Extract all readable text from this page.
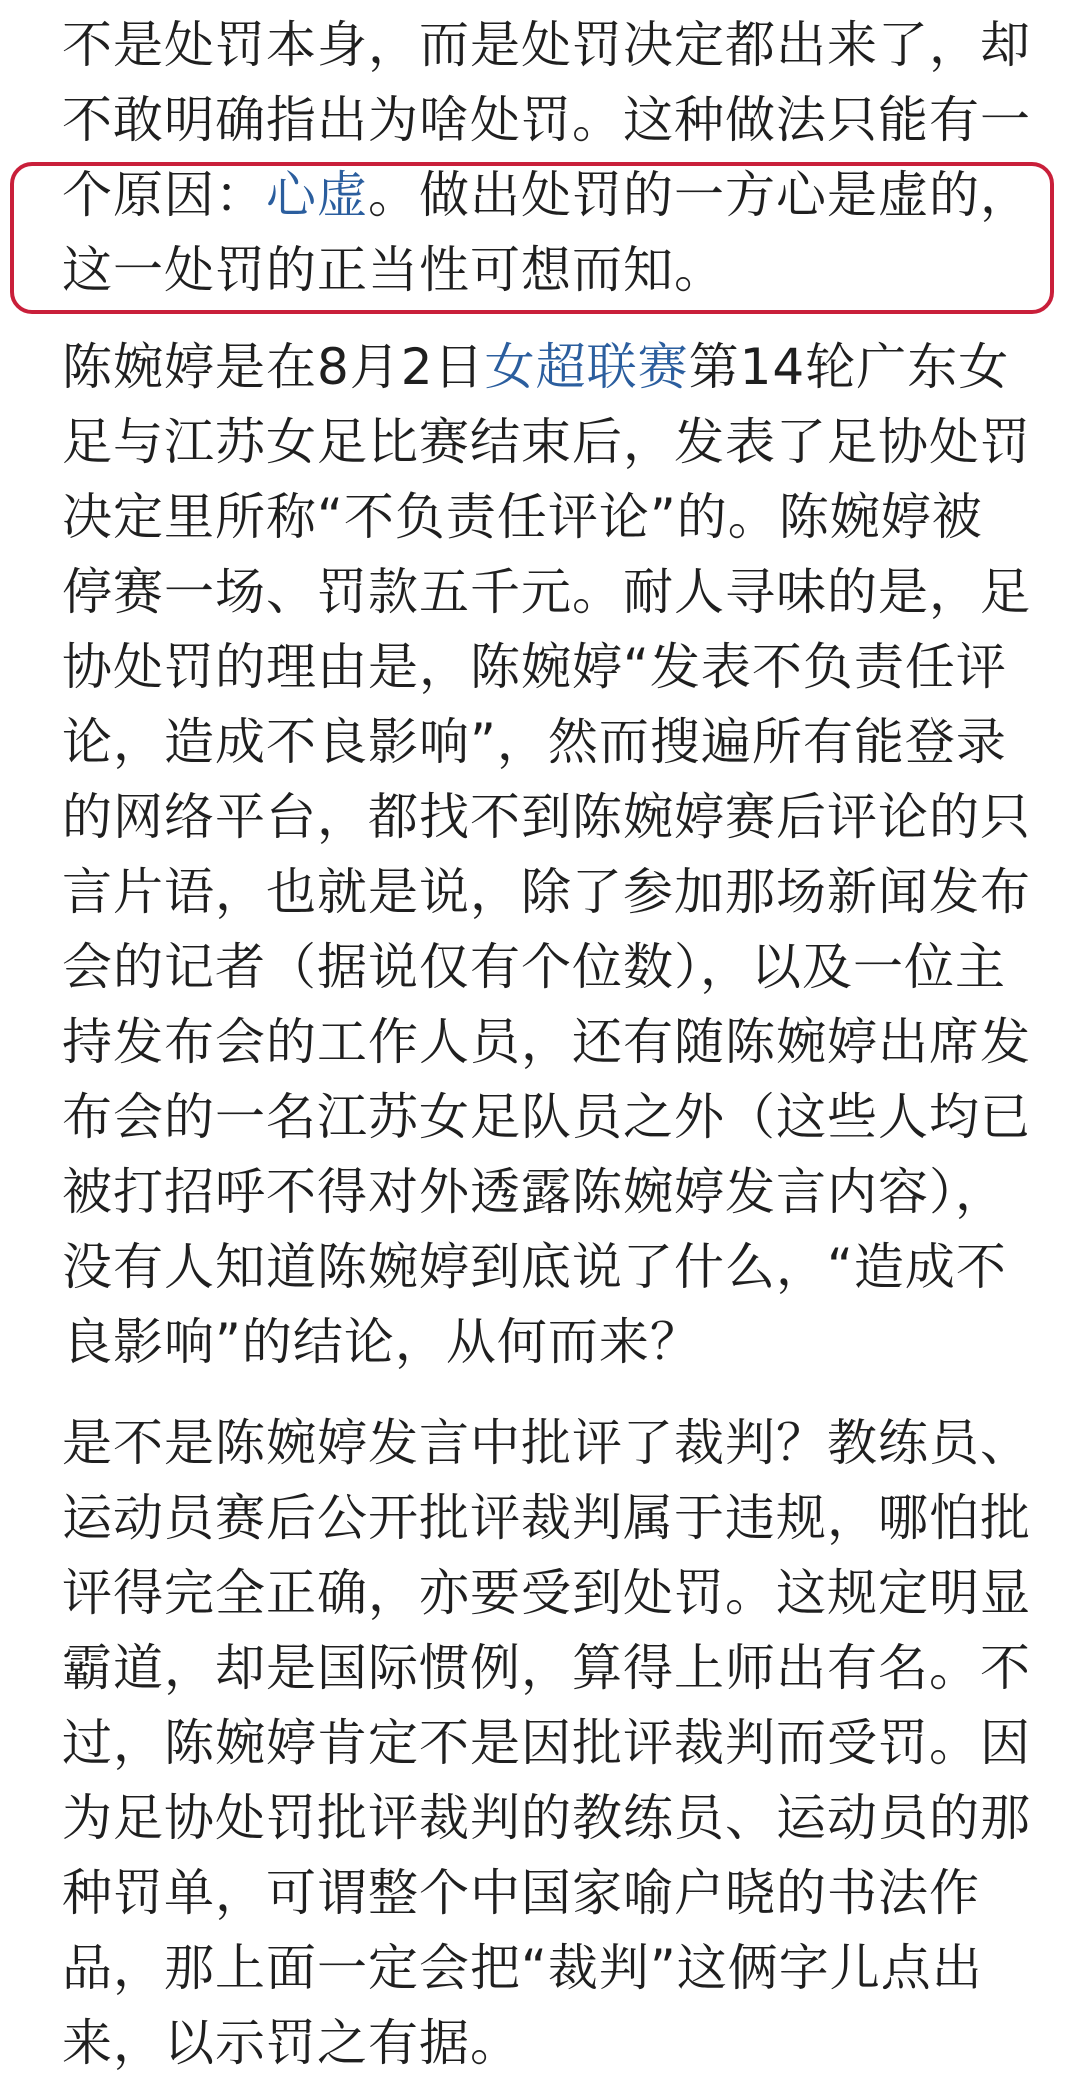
不是处罚本身，而是处罚决定都出来了，却不敢明确指出为啥处罚。这种做法只能有一个原因：心虚。做出处罚的一方心是虚的，这一处罚的正当性可想而知。

陈婉婷是在8月2日女超联赛第14轮广东女足与江苏女足比赛结束后，发表了足协处罚决定里所称“不负责任评论”的。陈婉婷被停赛一场、罚款五千元。耐人寻味的是，足协处罚的理由是，陈婉婷“发表不负责任评论，造成不良影响”，然而搜遍所有能登录的网络平台，都找不到陈婉婷赛后评论的只言片语，也就是说，除了参加那场新闻发布会的记者（据说仅有个位数），以及一位主持发布会的工作人员，还有随陈婉婷出席发布会的一名江苏女足队员之外（这些人均已被打招呼不得对外透露陈婉婷发言内容），没有人知道陈婉婷到底说了什么，“造成不良影响”的结论，从何而来？

是不是陈婉婷发言中批评了裁判？教练员、运动员赛后公开批评裁判属于违规，哪怕批评得完全正确，亦要受到处罚。这规定明显霸道，却是国际惯例，算得上师出有名。不过，陈婉婷肯定不是因批评裁判而受罚。因为足协处罚批评裁判的教练员、运动员的那种罚单，可谓整个中国家喻户晓的书法作品，那上面一定会把“裁判”这俩字儿点出来，以示罚之有据。
